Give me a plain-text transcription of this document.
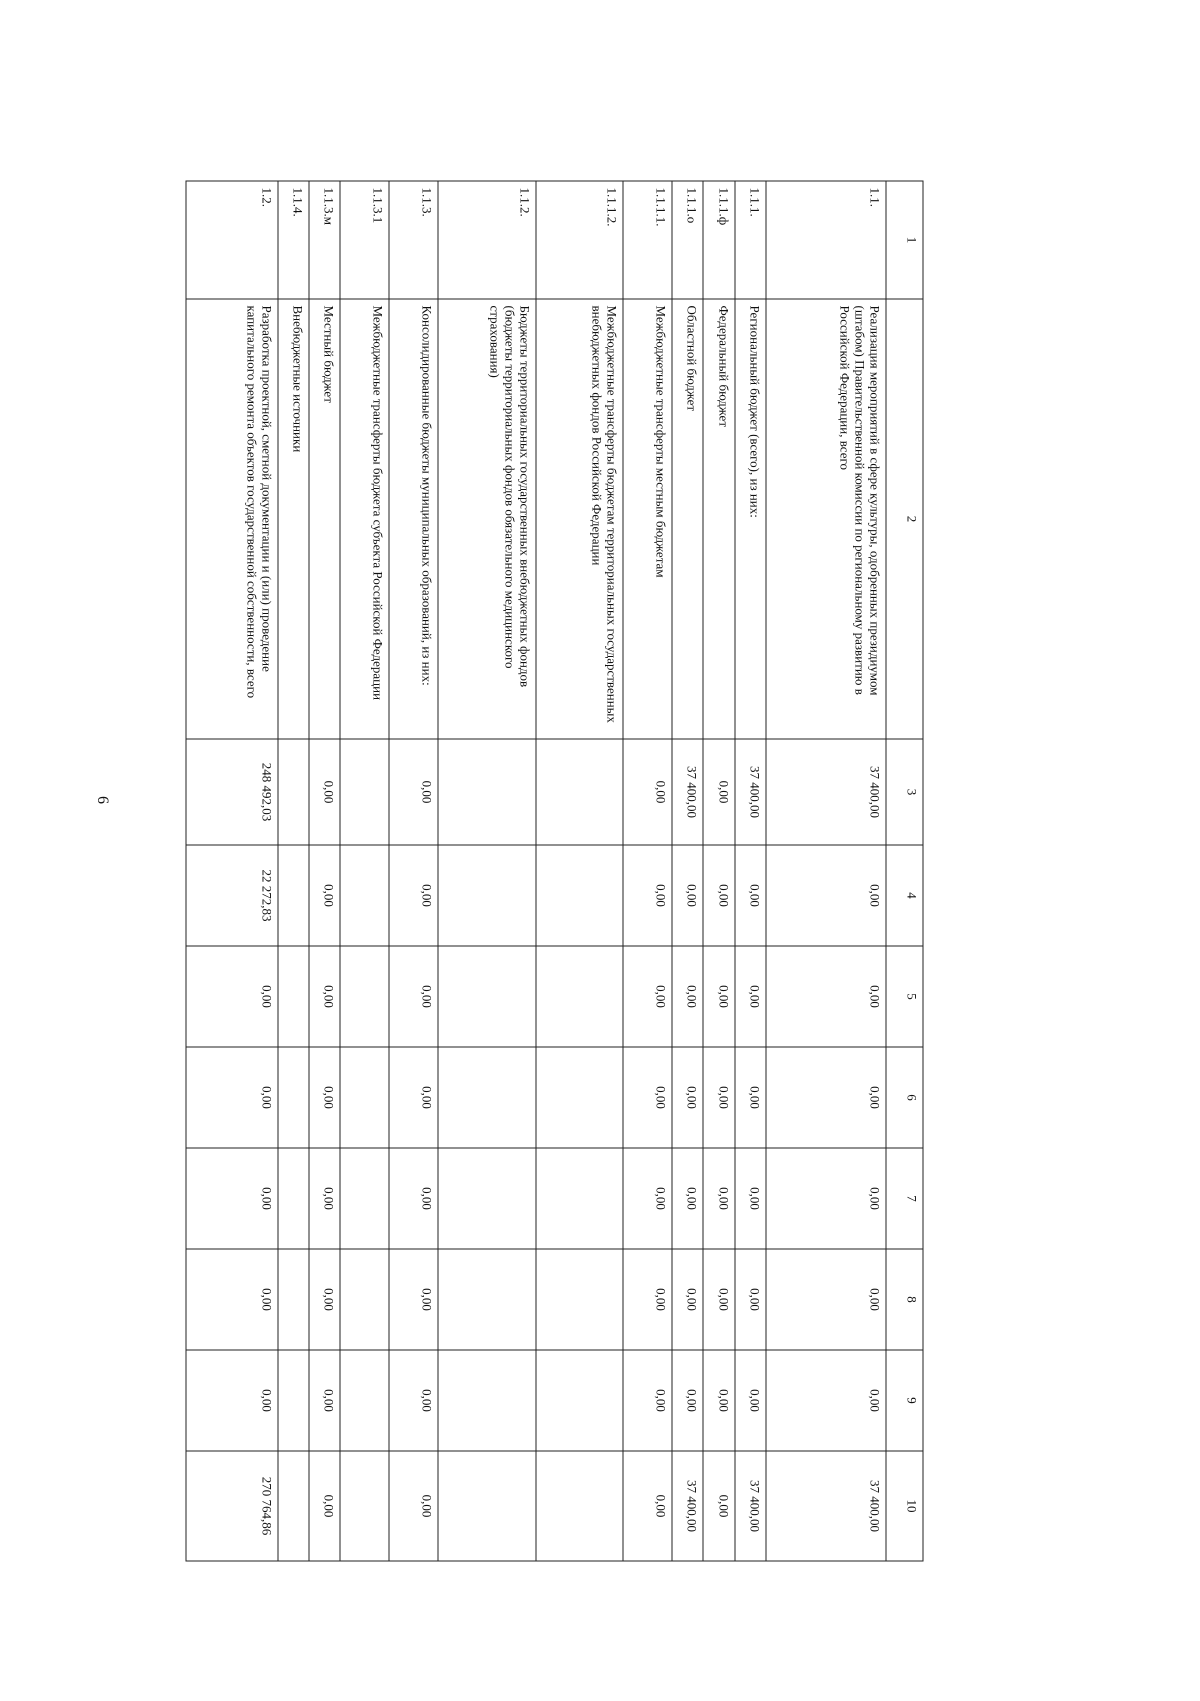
6
1	2	3	4	5	6	7	8	9	10
1.1.	Реализация мероприятий в сфере культуры, одобренных президиумом (штабом) Правительственной комиссии по региональному развитию в Российской Федерации, всего	37 400,00	0,00	0,00	0,00	0,00	0,00	0,00	37 400,00
1.1.1.	Региональный бюджет (всего), из них:	37 400,00	0,00	0,00	0,00	0,00	0,00	0,00	37 400,00
1.1.1.ф	Федеральный бюджет	0,00	0,00	0,00	0,00	0,00	0,00	0,00	0,00
1.1.1.о	Областной бюджет	37 400,00	0,00	0,00	0,00	0,00	0,00	0,00	37 400,00
1.1.1.1.	Межбюджетные трансферты местным бюджетам	0,00	0,00	0,00	0,00	0,00	0,00	0,00	0,00
1.1.1.2.	Межбюджетные трансферты бюджетам территориальных государственных внебюджетных фондов Российской Федерации								
1.1.2.	Бюджеты территориальных государственных внебюджетных фондов (бюджеты территориальных фондов обязательного медицинского страхования)								
1.1.3.	Консолидированные бюджеты муниципальных образований, из них:	0,00	0,00	0,00	0,00	0,00	0,00	0,00	0,00
1.1.3.1	Межбюджетные трансферты бюджета субъекта Российской Федерации								
1.1.3.м	Местный бюджет	0,00	0,00	0,00	0,00	0,00	0,00	0,00	0,00
1.1.4.	Внебюджетные источники								
1.2.	Разработка проектной, сметной документации и (или) проведение капитального ремонта объектов государственной собственности, всего	248 492,03	22 272,83	0,00	0,00	0,00	0,00	0,00	270 764,86
